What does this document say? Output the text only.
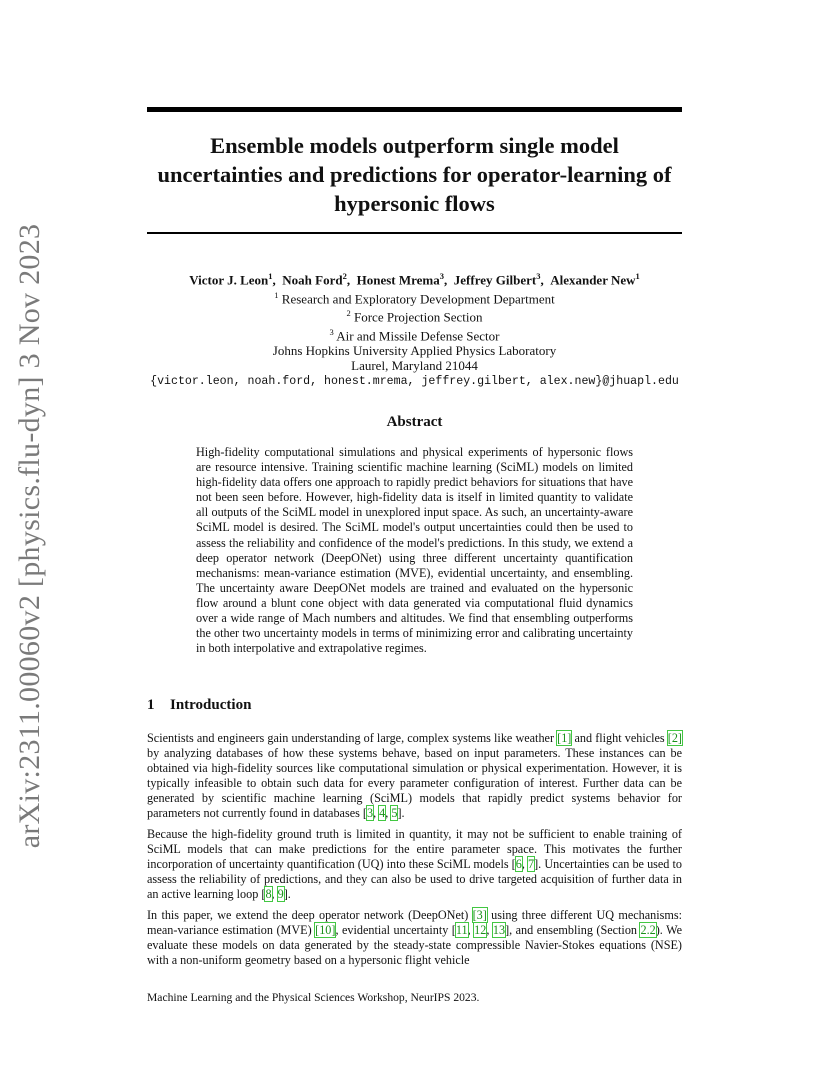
arXiv:2311.00060v2 [physics.flu-dyn] 3 Nov 2023
Ensemble models outperform single model uncertainties and predictions for operator-learning of hypersonic flows
Victor J. Leon$^1$,  Noah Ford$^2$,  Honest Mrema$^3$,  Jeffrey Gilbert$^3$,  Alexander New$^1$
$^1$ Research and Exploratory Development Department
$^2$ Force Projection Section
$^3$ Air and Missile Defense Sector
Johns Hopkins University Applied Physics Laboratory
Laurel, Maryland 21044
{victor.leon, noah.ford, honest.mrema, jeffrey.gilbert, alex.new}@jhuapl.edu
Abstract
High-fidelity computational simulations and physical experiments of hypersonic flows are resource intensive. Training scientific machine learning (SciML) models on limited high-fidelity data offers one approach to rapidly predict behaviors for situations that have not been seen before. However, high-fidelity data is itself in limited quantity to validate all outputs of the SciML model in unexplored input space. As such, an uncertainty-aware SciML model is desired. The SciML model's output uncertainties could then be used to assess the reliability and confidence of the model's predictions. In this study, we extend a deep operator network (DeepONet) using three different uncertainty quantification mechanisms: mean-variance estimation (MVE), evidential uncertainty, and ensembling. The uncertainty aware DeepONet models are trained and evaluated on the hypersonic flow around a blunt cone object with data generated via computational fluid dynamics over a wide range of Mach numbers and altitudes. We find that ensembling outperforms the other two uncertainty models in terms of minimizing error and calibrating uncertainty in both interpolative and extrapolative regimes.
1 Introduction

Scientists and engineers gain understanding of large, complex systems like weather [1] and flight vehicles [2] by analyzing databases of how these systems behave, based on input parameters. These instances can be obtained via high-fidelity sources like computational simulation or physical experimentation. However, it is typically infeasible to obtain such data for every parameter configuration of interest. Further data can be generated by scientific machine learning (SciML) models that rapidly predict systems behavior for parameters not currently found in databases [3, 4, 5].

Because the high-fidelity ground truth is limited in quantity, it may not be sufficient to enable training of SciML models that can make predictions for the entire parameter space. This motivates the further incorporation of uncertainty quantification (UQ) into these SciML models [6, 7]. Uncertainties can be used to assess the reliability of predictions, and they can also be used to drive targeted acquisition of further data in an active learning loop [8, 9].

In this paper, we extend the deep operator network (DeepONet) [3] using three different UQ mechanisms: mean-variance estimation (MVE) [10], evidential uncertainty [11, 12, 13], and ensembling (Section 2.2). We evaluate these models on data generated by the steady-state compressible Navier-Stokes equations (NSE) with a non-uniform geometry based on a hypersonic flight vehicle

Machine Learning and the Physical Sciences Workshop, NeurIPS 2023.
